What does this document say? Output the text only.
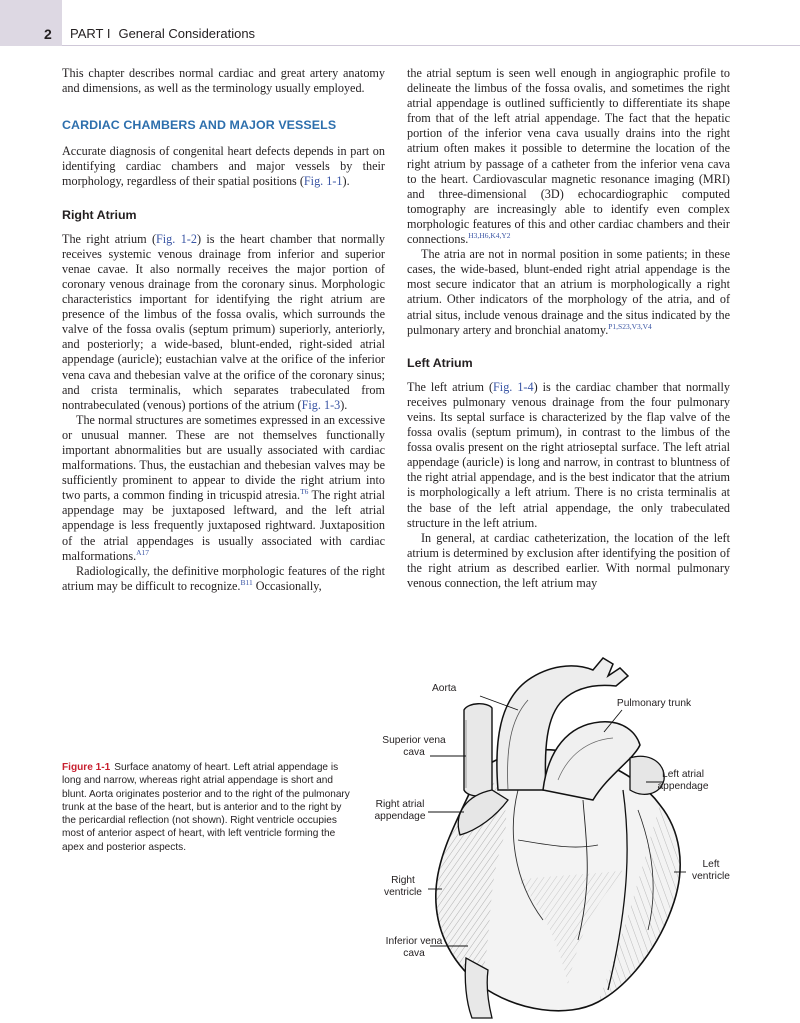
2 PART I General Considerations

This chapter describes normal cardiac and great artery anatomy and dimensions, as well as the terminology usually employed.

CARDIAC CHAMBERS AND MAJOR VESSELS

Accurate diagnosis of congenital heart defects depends in part on identifying cardiac chambers and major vessels by their morphology, regardless of their spatial positions (Fig. 1-1).

Right Atrium

The right atrium (Fig. 1-2) is the heart chamber that normally receives systemic venous drainage from inferior and superior venae cavae. It also normally receives the major portion of coronary venous drainage from the coronary sinus. Morphologic characteristics important for identifying the right atrium are presence of the limbus of the fossa ovalis, which surrounds the valve of the fossa ovalis (septum primum) superiorly, anteriorly, and posteriorly; a wide-based, blunt-ended, right-sided atrial appendage (auricle); eustachian valve at the orifice of the inferior vena cava and thebesian valve at the orifice of the coronary sinus; and crista terminalis, which separates trabeculated from nontrabeculated (venous) portions of the atrium (Fig. 1-3).

The normal structures are sometimes expressed in an excessive or unusual manner. These are not themselves functionally important abnormalities but are usually associated with cardiac malformations. Thus, the eustachian and thebesian valves may be sufficiently prominent to appear to divide the right atrium into two parts, a common finding in tricuspid atresia.$^{T6}$ The right atrial appendage may be juxtaposed leftward, and the left atrial appendage is less frequently juxtaposed rightward. Juxtaposition of the atrial appendages is usually associated with cardiac malformations.$^{A17}$

Radiologically, the definitive morphologic features of the right atrium may be difficult to recognize.$^{B11}$ Occasionally,

the atrial septum is seen well enough in angiographic profile to delineate the limbus of the fossa ovalis, and sometimes the right atrial appendage is outlined sufficiently to differentiate its shape from that of the left atrial appendage. The fact that the hepatic portion of the inferior vena cava usually drains into the right atrium often makes it possible to determine the location of the right atrium by passage of a catheter from the inferior vena cava to the heart. Cardiovascular magnetic resonance imaging (MRI) and three-dimensional (3D) echocardiographic computed tomography are increasingly able to identify even complex morphologic features of this and other cardiac chambers and their connections.$^{H3,H6,K4,Y2}$

The atria are not in normal position in some patients; in these cases, the wide-based, blunt-ended right atrial appendage is the most secure indicator that an atrium is morphologically a right atrium. Other indicators of the morphology of the atria, and of atrial situs, include venous drainage and the situs indicated by the pulmonary artery and bronchial anatomy.$^{P1,S23,V3,V4}$

Left Atrium

The left atrium (Fig. 1-4) is the cardiac chamber that normally receives pulmonary venous drainage from the four pulmonary veins. Its septal surface is characterized by the flap valve of the fossa ovalis (septum primum), in contrast to the limbus of the fossa ovalis present on the right atrioseptal surface. The left atrial appendage (auricle) is long and narrow, in contrast to bluntness of the right atrial appendage, and is the best indicator that the atrium is morphologically a left atrium. There is no crista terminalis at the base of the left atrial appendage, the only trabeculated structure in the left atrium.

In general, at cardiac catheterization, the location of the left atrium is determined by exclusion after identifying the position of the right atrium as described earlier. With normal pulmonary venous connection, the left atrium may

Figure 1-1 Surface anatomy of heart. Left atrial appendage is long and narrow, whereas right atrial appendage is short and blunt. Aorta originates posterior and to the right of the pulmonary trunk at the base of the heart, but is anterior and to the right by the pericardial reflection (not shown). Right ventricle occupies most of anterior aspect of heart, with left ventricle forming the apex and posterior aspects.
Aorta
Pulmonary trunk
Superior vena cava
Left atrial appendage
Right atrial appendage
Left ventricle
Right ventricle
Inferior vena cava
